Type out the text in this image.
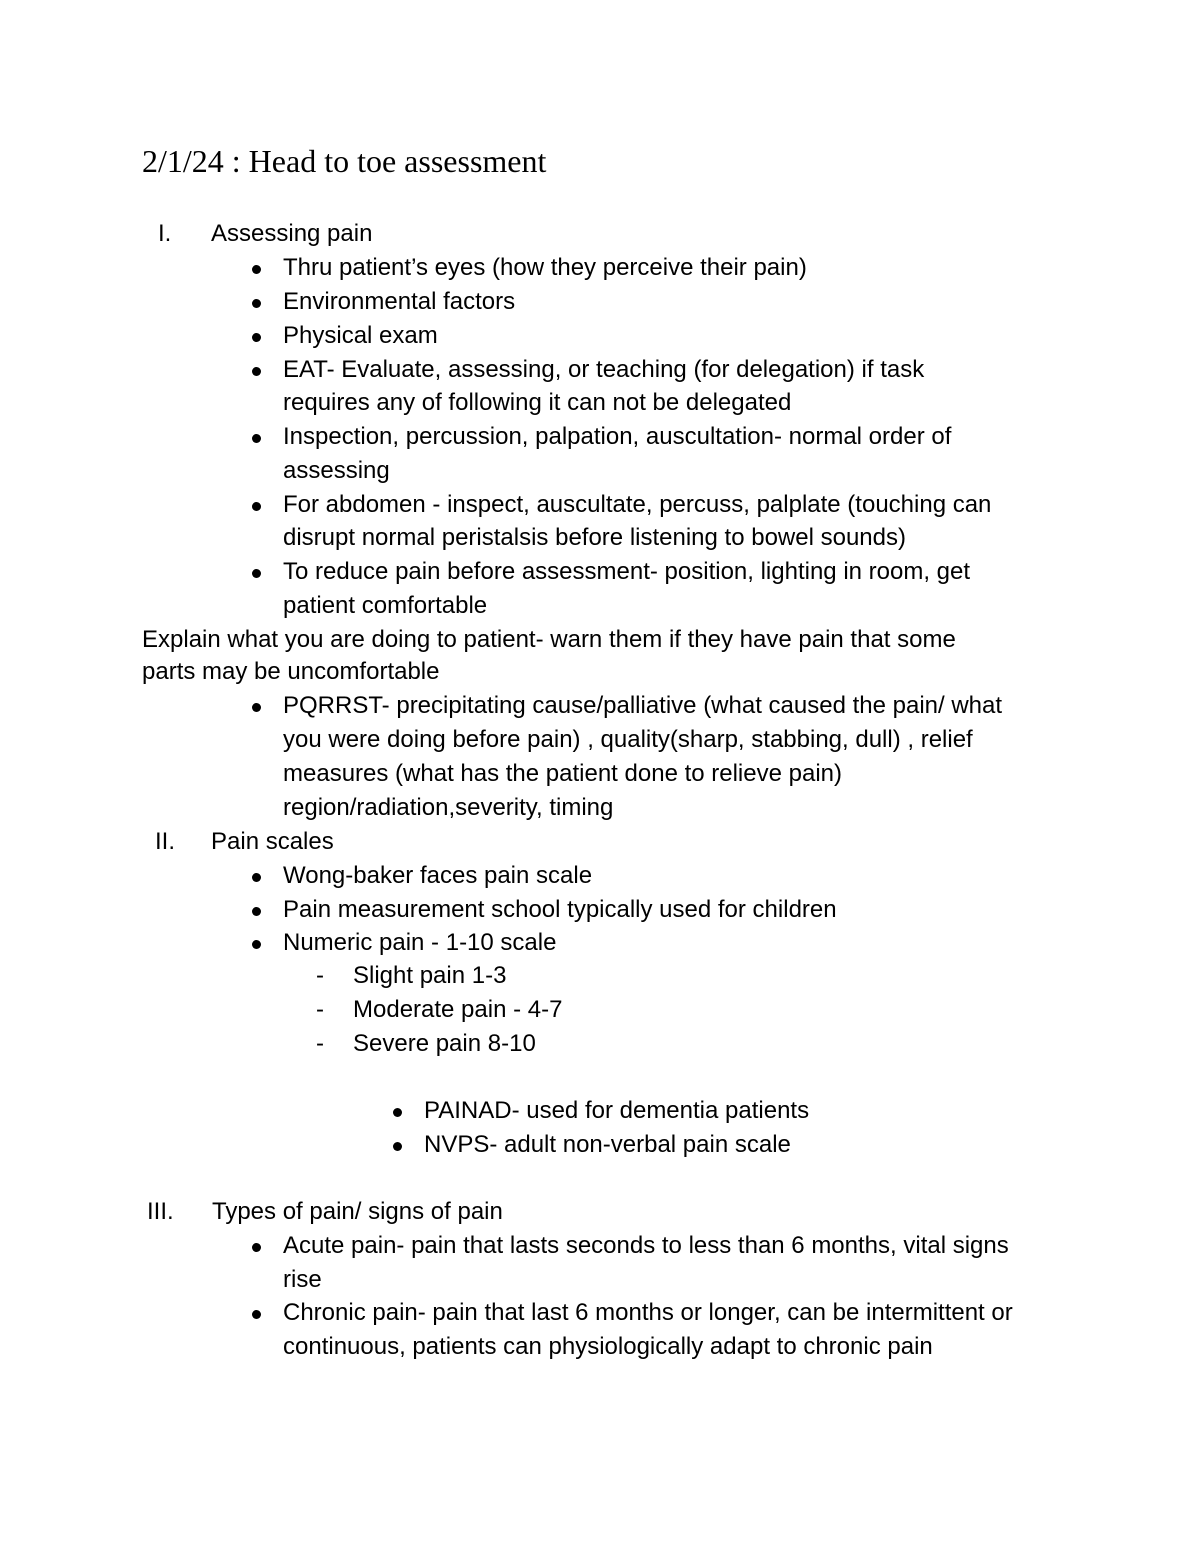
2/1/24 : Head to toe assessment
I. Assessing pain
Thru patient’s eyes (how they perceive their pain)
Environmental factors
Physical exam
EAT- Evaluate, assessing, or teaching (for delegation) if task
requires any of following it can not be delegated
Inspection, percussion, palpation, auscultation- normal order of
assessing
For abdomen - inspect, auscultate, percuss, palplate (touching can
disrupt normal peristalsis before listening to bowel sounds)
To reduce pain before assessment- position, lighting in room, get
patient comfortable
Explain what you are doing to patient- warn them if they have pain that some
parts may be uncomfortable
PQRRST- precipitating cause/palliative (what caused the pain/ what
you were doing before pain) , quality(sharp, stabbing, dull) , relief
measures (what has the patient done to relieve pain)
region/radiation,severity, timing
II. Pain scales
Wong-baker faces pain scale
Pain measurement school typically used for children
Numeric pain - 1-10 scale
- Slight pain 1-3
- Moderate pain - 4-7
- Severe pain 8-10
PAINAD- used for dementia patients
NVPS- adult non-verbal pain scale
III. Types of pain/ signs of pain
Acute pain- pain that lasts seconds to less than 6 months, vital signs
rise
Chronic pain- pain that last 6 months or longer, can be intermittent or
continuous, patients can physiologically adapt to chronic pain
